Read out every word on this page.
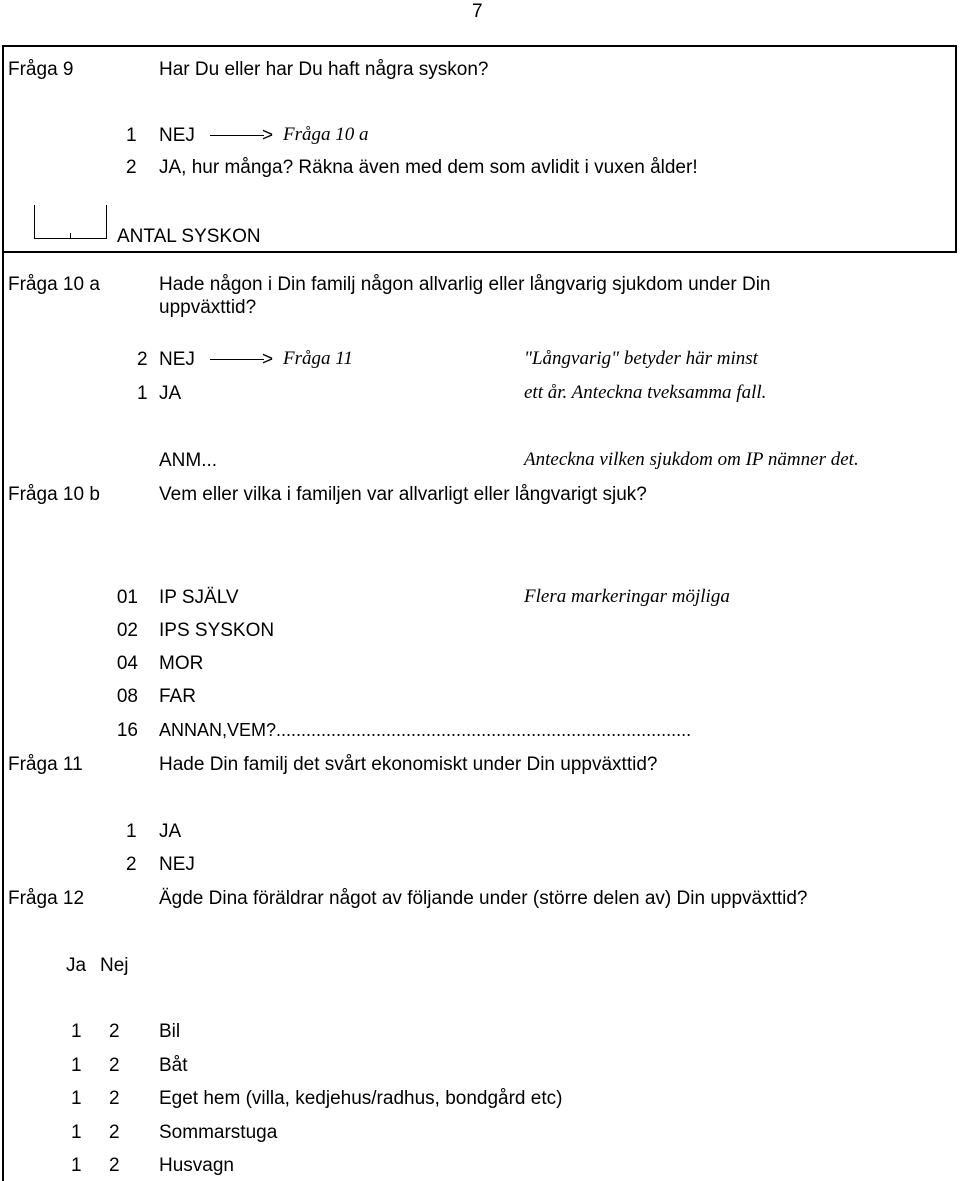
7
Fråga 9	Har Du eller har Du haft några syskon?
1 NEJ	> Fråga 10 a
2 JA, hur många? Räkna även med dem som avlidit i vuxen ålder!
ANTAL SYSKON
Fråga 10 a	Hade någon i Din familj någon allvarlig eller långvarig sjukdom under Din
uppväxttid?
2 NEJ	> Fråga 11	"Långvarig" betyder här minst
1 JA	ett år. Anteckna tveksamma fall.
ANM...	Anteckna vilken sjukdom om IP nämner det.
Fråga 10 b	Vem eller vilka i familjen var allvarligt eller långvarigt sjuk?
01 IP SJÄLV	Flera markeringar möjliga
02 IPS SYSKON
04 MOR
08 FAR
16 ANNAN,VEM?...................................................................................
Fråga 11	Hade Din familj det svårt ekonomiskt under Din uppväxttid?
1 JA
2 NEJ
Fråga 12	Ägde Dina föräldrar något av följande under (större delen av) Din uppväxttid?
Ja Nej
1 2 Bil
1 2 Båt
1 2 Eget hem (villa, kedjehus/radhus, bondgård etc)
1 2 Sommarstuga
1 2 Husvagn
